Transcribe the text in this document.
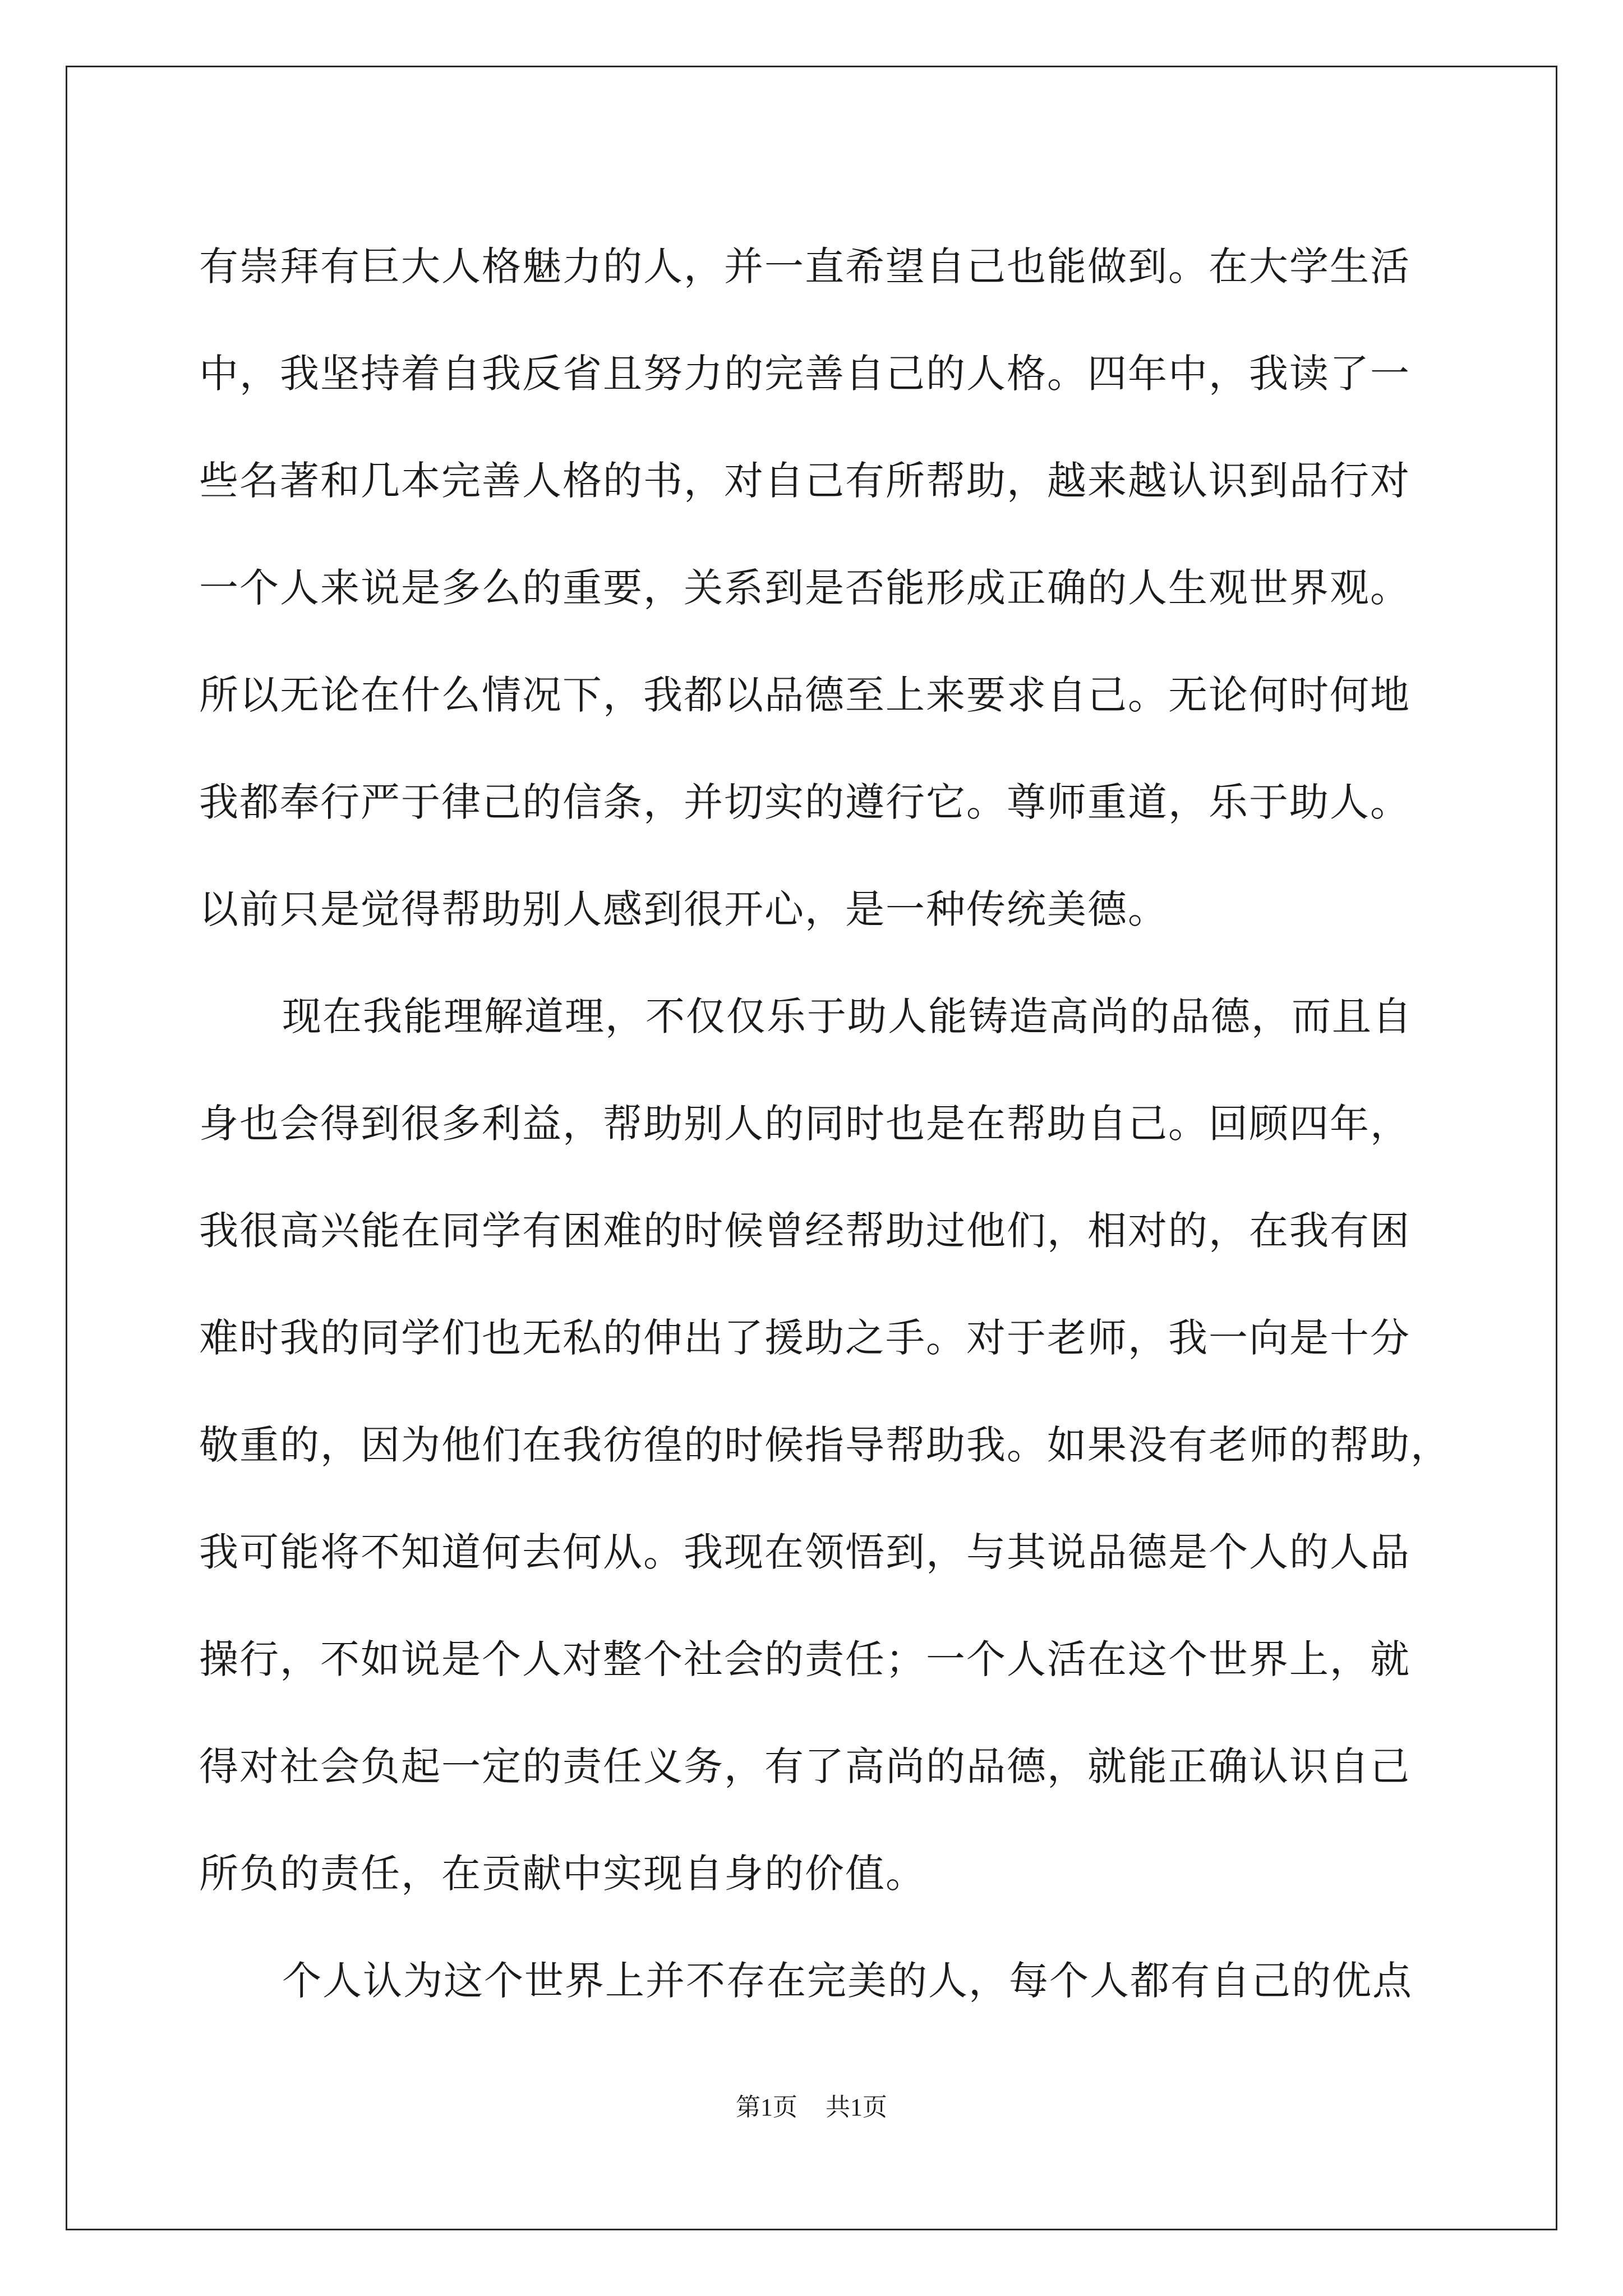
有崇拜有巨大人格魅力的人，并一直希望自己也能做到。在大学生活
中，我坚持着自我反省且努力的完善自己的人格。四年中，我读了一
些名著和几本完善人格的书，对自己有所帮助，越来越认识到品行对
一个人来说是多么的重要，关系到是否能形成正确的人生观世界观。
所以无论在什么情况下，我都以品德至上来要求自己。无论何时何地
我都奉行严于律己的信条，并切实的遵行它。尊师重道，乐于助人。
以前只是觉得帮助别人感到很开心，是一种传统美德。
现在我能理解道理，不仅仅乐于助人能铸造高尚的品德，而且自
身也会得到很多利益，帮助别人的同时也是在帮助自己。回顾四年，
我很高兴能在同学有困难的时候曾经帮助过他们，相对的，在我有困
难时我的同学们也无私的伸出了援助之手。对于老师，我一向是十分
敬重的，因为他们在我彷徨的时候指导帮助我。如果没有老师的帮助，
我可能将不知道何去何从。我现在领悟到，与其说品德是个人的人品
操行，不如说是个人对整个社会的责任；一个人活在这个世界上，就
得对社会负起一定的责任义务，有了高尚的品德，就能正确认识自己
所负的责任，在贡献中实现自身的价值。
个人认为这个世界上并不存在完美的人，每个人都有自己的优点
第1页 共1页
